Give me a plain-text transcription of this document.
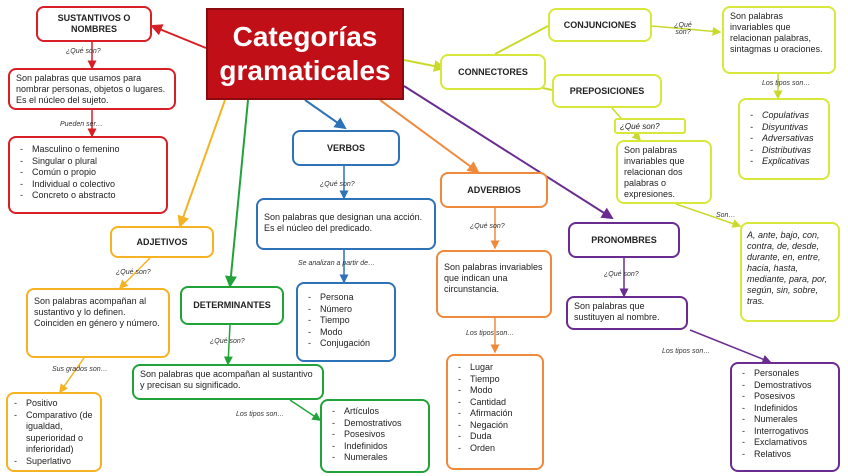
Categorías gramaticales
SUSTANTIVOS O NOMBRES
¿Qué son?
Son palabras que usamos para nombrar personas, objetos o lugares. Es el núcleo del sujeto.
Pueden ser…
- Masculino o femenino
- Singular o plural
- Común o propio
- Individual o colectivo
- Concreto o abstracto
ADJETIVOS
¿Qué son?
Son palabras acompañan al sustantivo y lo definen. Coinciden en género y número.
Sus grados son…
- Positivo
- Comparativo (de igualdad, superioridad o inferioridad)
- Superlativo
DETERMINANTES
¿Qué son?
Son palabras que acompañan al sustantivo y precisan su significado.
Los tipos son…
-	Artículos
- Demostrativos
- Posesivos
- Indefinidos
- Numerales
VERBOS
¿Qué son?
Son palabras que designan una acción. Es el núcleo del predicado.
Se analizan a partir de…
- Persona
- Número
- Tiempo
- Modo
- Conjugación
ADVERBIOS
¿Qué son?
Son palabras invariables que indican una circunstancia.
Los tipos son…
- Lugar
- Tiempo
- Modo
- Cantidad
- Afirmación
- Negación
- Duda
- Orden
CONNECTORES
CONJUNCIONES	¿Qué son?
Son palabras invariables que relacionan palabras, sintagmas u oraciones.
Los tipos son…
- Copulativas
- Disyuntivas
- Adversativas
- Distributivas
- Explicativas
PREPOSICIONES
¿Qué son?
Son palabras invariables que relacionan dos palabras o expresiones.
Son…
A, ante, bajo, con, contra, de, desde, durante, en, entre, hacia, hasta, mediante, para, por, según, sin, sobre, tras.
PRONOMBRES
¿Qué son?
Son palabras que sustituyen al nombre.
Los tipos son…
- Personales
- Demostrativos
- Posesivos
- Indefinidos
- Numerales
- Interrogativos
- Exclamativos
- Relativos
